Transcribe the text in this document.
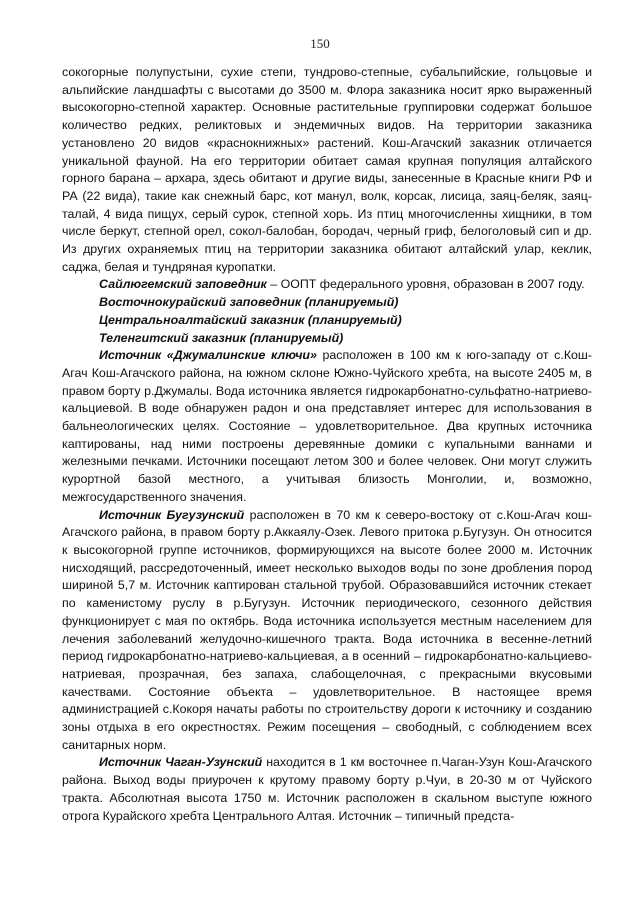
150

сокогорные полупустыни, сухие степи, тундрово-степные, субальпийские, гольцовые и альпийские ландшафты с высотами до 3500 м. Флора заказника носит ярко выраженный высокогорно-степной характер. Основные растительные группировки содержат большое количество редких, реликтовых и эндемичных видов. На территории заказника установлено 20 видов «краснокнижных» растений. Кош-Агачский заказник отличается уникальной фауной. На его территории обитает самая крупная популяция алтайского горного барана – архара, здесь обитают и другие виды, занесенные в Красные книги РФ и РА (22 вида), такие как снежный барс, кот манул, волк, корсак, лисица, заяц-беляк, заяц-талай, 4 вида пищух, серый сурок, степной хорь. Из птиц многочисленны хищники, в том числе беркут, степной орел, сокол-балобан, бородач, черный гриф, белоголовый сип и др. Из других охраняемых птиц на территории заказника обитают алтайский улар, кеклик, саджа, белая и тундряная куропатки.

Сайлюгемский заповедник – ООПТ федерального уровня, образован в 2007 году.

Восточнокурайский заповедник (планируемый)

Центральноалтайский заказник (планируемый)

Теленгитский заказник (планируемый)

Источник «Джумалинские ключи» расположен в 100 км к юго-западу от с.Кош-Агач Кош-Агачского района, на южном склоне Южно-Чуйского хребта, на высоте 2405 м, в правом борту р.Джумалы. Вода источника является гидрокарбонатно-сульфатно-натриево-кальциевой. В воде обнаружен радон и она представляет интерес для использования в бальнеологических целях. Состояние – удовлетворительное. Два крупных источника каптированы, над ними построены деревянные домики с купальными ваннами и железными печками. Источники посещают летом 300 и более человек. Они могут служить курортной базой местного, а учитывая близость Монголии, и, возможно, межгосударственного значения.

Источник Бугузунский расположен в 70 км к северо-востоку от с.Кош-Агач кош-Агачского района, в правом борту р.Аккаялу-Озек. Левого притока р.Бугузун. Он относится к высокогорной группе источников, формирующихся на высоте более 2000 м. Источник нисходящий, рассредоточенный, имеет несколько выходов воды по зоне дробления пород шириной 5,7 м. Источник каптирован стальной трубой. Образовавшийся источник стекает по каменистому руслу в р.Бугузун. Источник периодического, сезонного действия функционирует с мая по октябрь. Вода источника используется местным населением для лечения заболеваний желудочно-кишечного тракта. Вода источника в весенне-летний период гидрокарбонатно-натриево-кальциевая, а в осенний – гидрокарбонатно-кальциево-натриевая, прозрачная, без запаха, слабощелочная, с прекрасными вкусовыми качествами. Состояние объекта – удовлетворительное. В настоящее время администрацией с.Кокоря начаты работы по строительству дороги к источнику и созданию зоны отдыха в его окрестностях. Режим посещения – свободный, с соблюдением всех санитарных норм.

Источник Чаган-Узунский находится в 1 км восточнее п.Чаган-Узун Кош-Агачского района. Выход воды приурочен к крутому правому борту р.Чуи, в 20-30 м от Чуйского тракта. Абсолютная высота 1750 м. Источник расположен в скальном выступе южного отрога Курайского хребта Центрального Алтая. Источник – типичный предста-
